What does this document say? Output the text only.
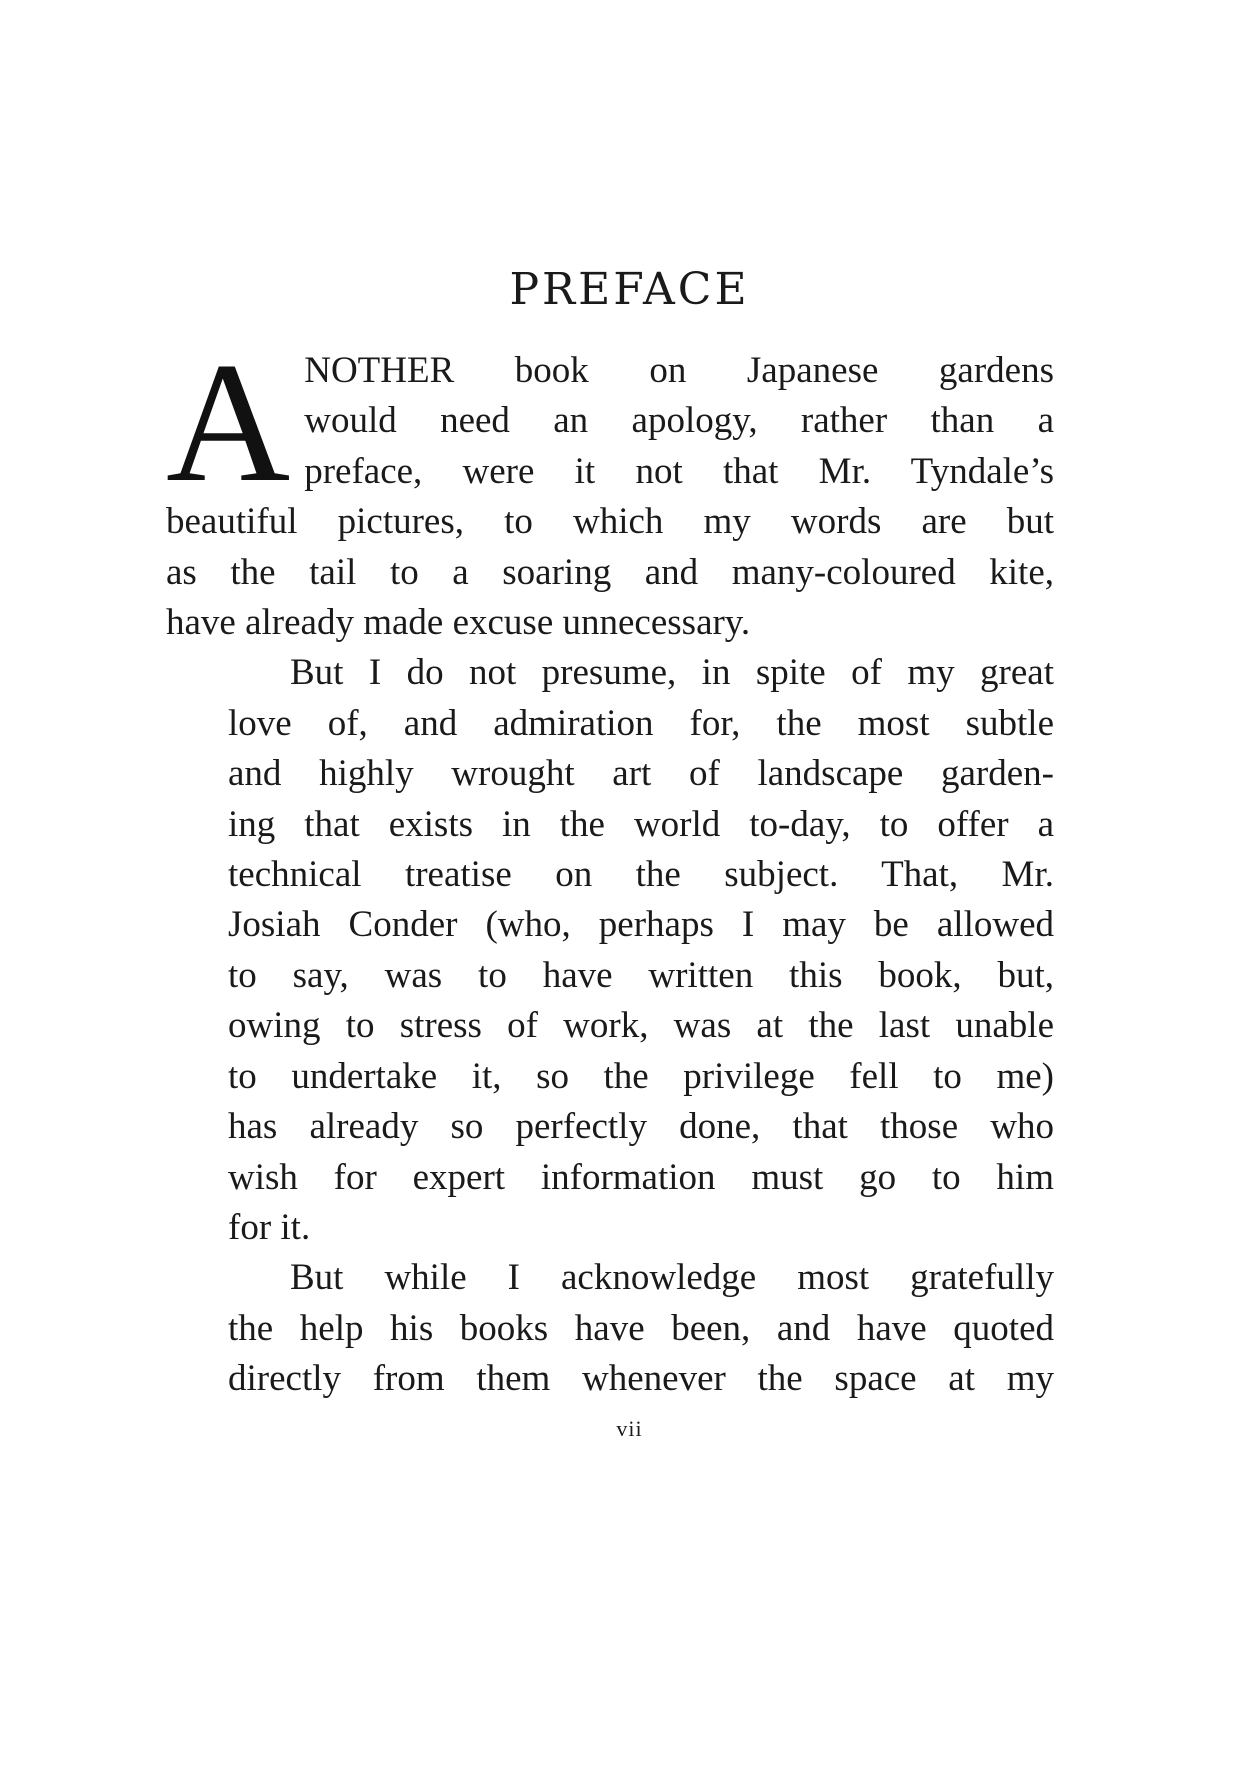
PREFACE
A NOTHER book on Japanese gardens
would need an apology, rather than a
preface, were it not that Mr. Tyndale’s
beautiful pictures, to which my words are but
as the tail to a soaring and many-coloured kite,
have already made excuse unnecessary.
But I do not presume, in spite of my great
love of, and admiration for, the most subtle
and highly wrought art of landscape garden-
ing that exists in the world to-day, to offer a
technical treatise on the subject. That, Mr.
Josiah Conder (who, perhaps I may be allowed
to say, was to have written this book, but,
owing to stress of work, was at the last unable
to undertake it, so the privilege fell to me)
has already so perfectly done, that those who
wish for expert information must go to him
for it.
But while I acknowledge most gratefully
the help his books have been, and have quoted
directly from them whenever the space at my
vii
